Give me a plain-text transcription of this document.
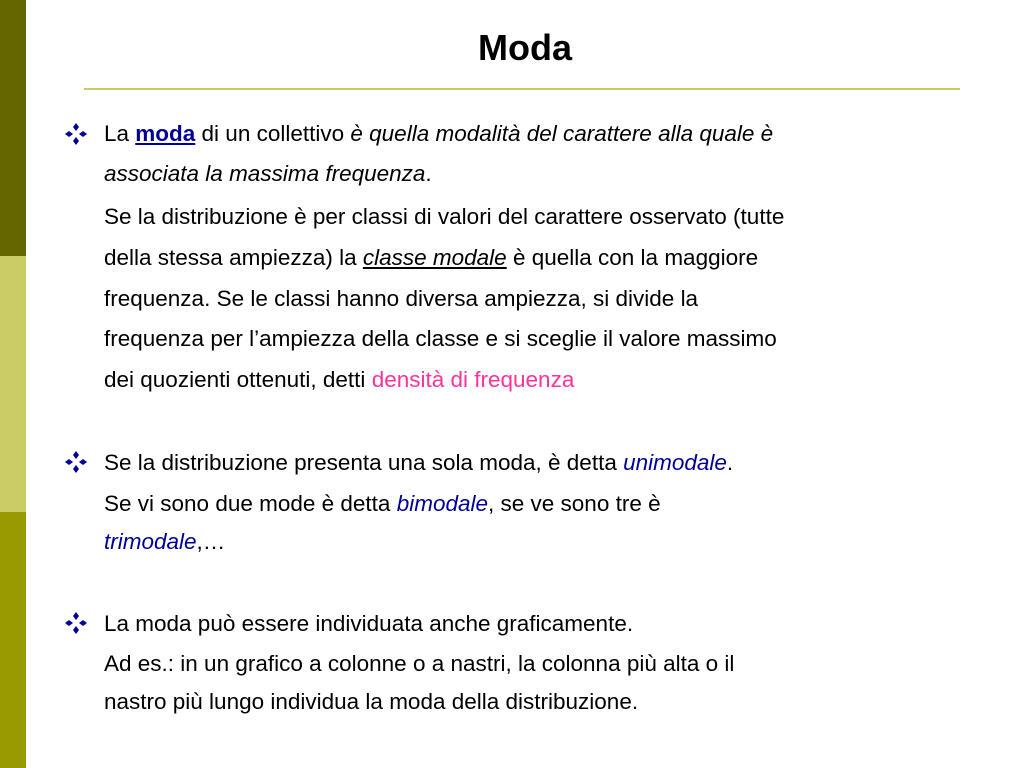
Moda
La moda di un collettivo è quella modalità del carattere alla quale è
associata la massima frequenza.
Se la distribuzione è per classi di valori del carattere osservato (tutte
della stessa ampiezza) la classe modale è quella con la maggiore
frequenza. Se le classi hanno diversa ampiezza, si divide la
frequenza per l’ampiezza della classe e si sceglie il valore massimo
dei quozienti ottenuti, detti densità di frequenza
Se la distribuzione presenta una sola moda, è detta unimodale.
Se vi sono due mode è detta bimodale, se ve sono tre è
trimodale,…
La moda può essere individuata anche graficamente.
Ad es.: in un grafico a colonne o a nastri, la colonna più alta o il
nastro più lungo individua la moda della distribuzione.
